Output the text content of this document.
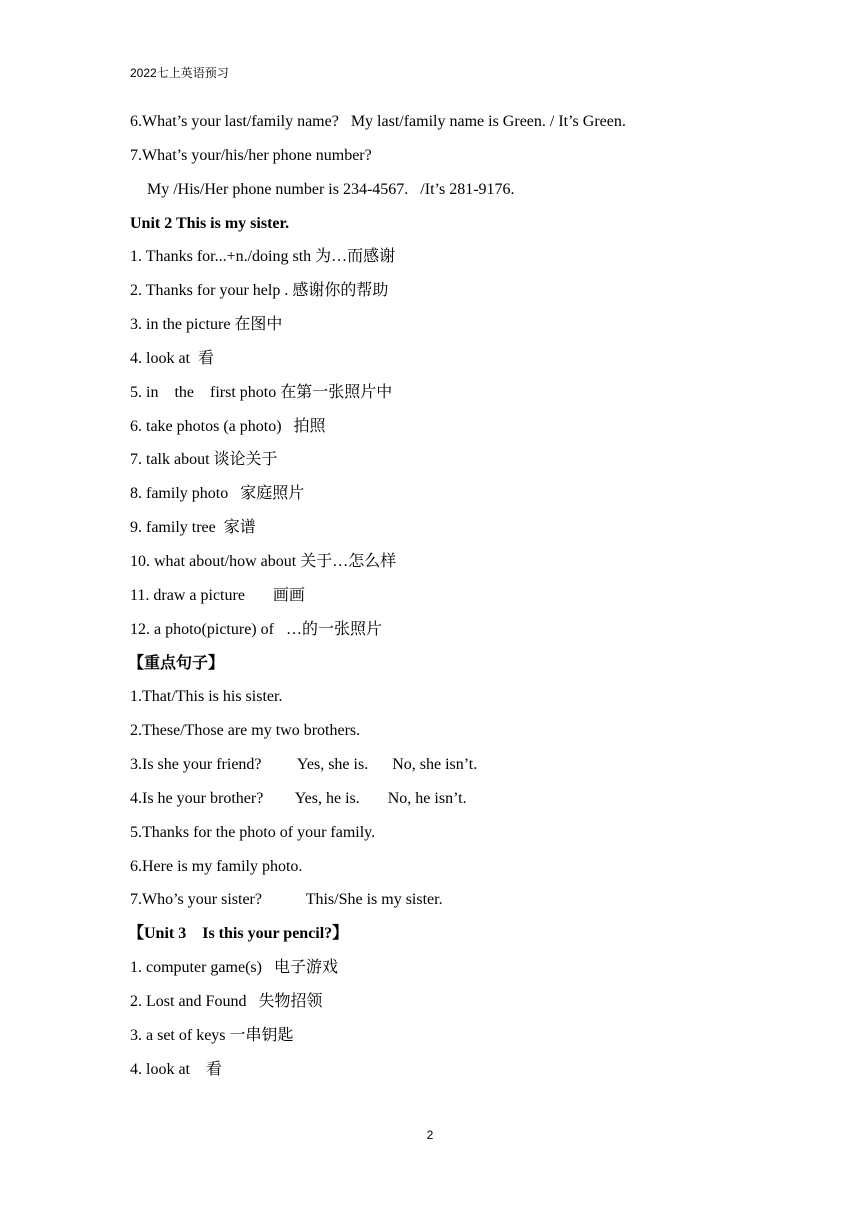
2022七上英语预习
6.What’s your last/family name?   My last/family name is Green. / It’s Green.
7.What’s your/his/her phone number?
My /His/Her phone number is 234-4567.   /It’s 281-9176.
Unit 2 This is my sister.
1. Thanks for...+n./doing sth 为…而感谢
2. Thanks for your help . 感谢你的帮助
3. in the picture 在图中
4. look at  看
5. in    the    first photo 在第一张照片中
6. take photos (a photo)   拍照
7. talk about 谈论关于
8. family photo   家庭照片
9. family tree  家谱
10. what about/how about 关于…怎么样
11. draw a picture       画画
12. a photo(picture) of   …的一张照片
【重点句子】
1.That/This is his sister.
2.These/Those are my two brothers.
3.Is she your friend?         Yes, she is.      No, she isn’t.
4.Is he your brother?        Yes, he is.       No, he isn’t.
5.Thanks for the photo of your family.
6.Here is my family photo.
7.Who’s your sister?           This/She is my sister.
【Unit 3    Is this your pencil?】
1. computer game(s)   电子游戏
2. Lost and Found   失物招领
3. a set of keys 一串钥匙
4. look at    看
2
